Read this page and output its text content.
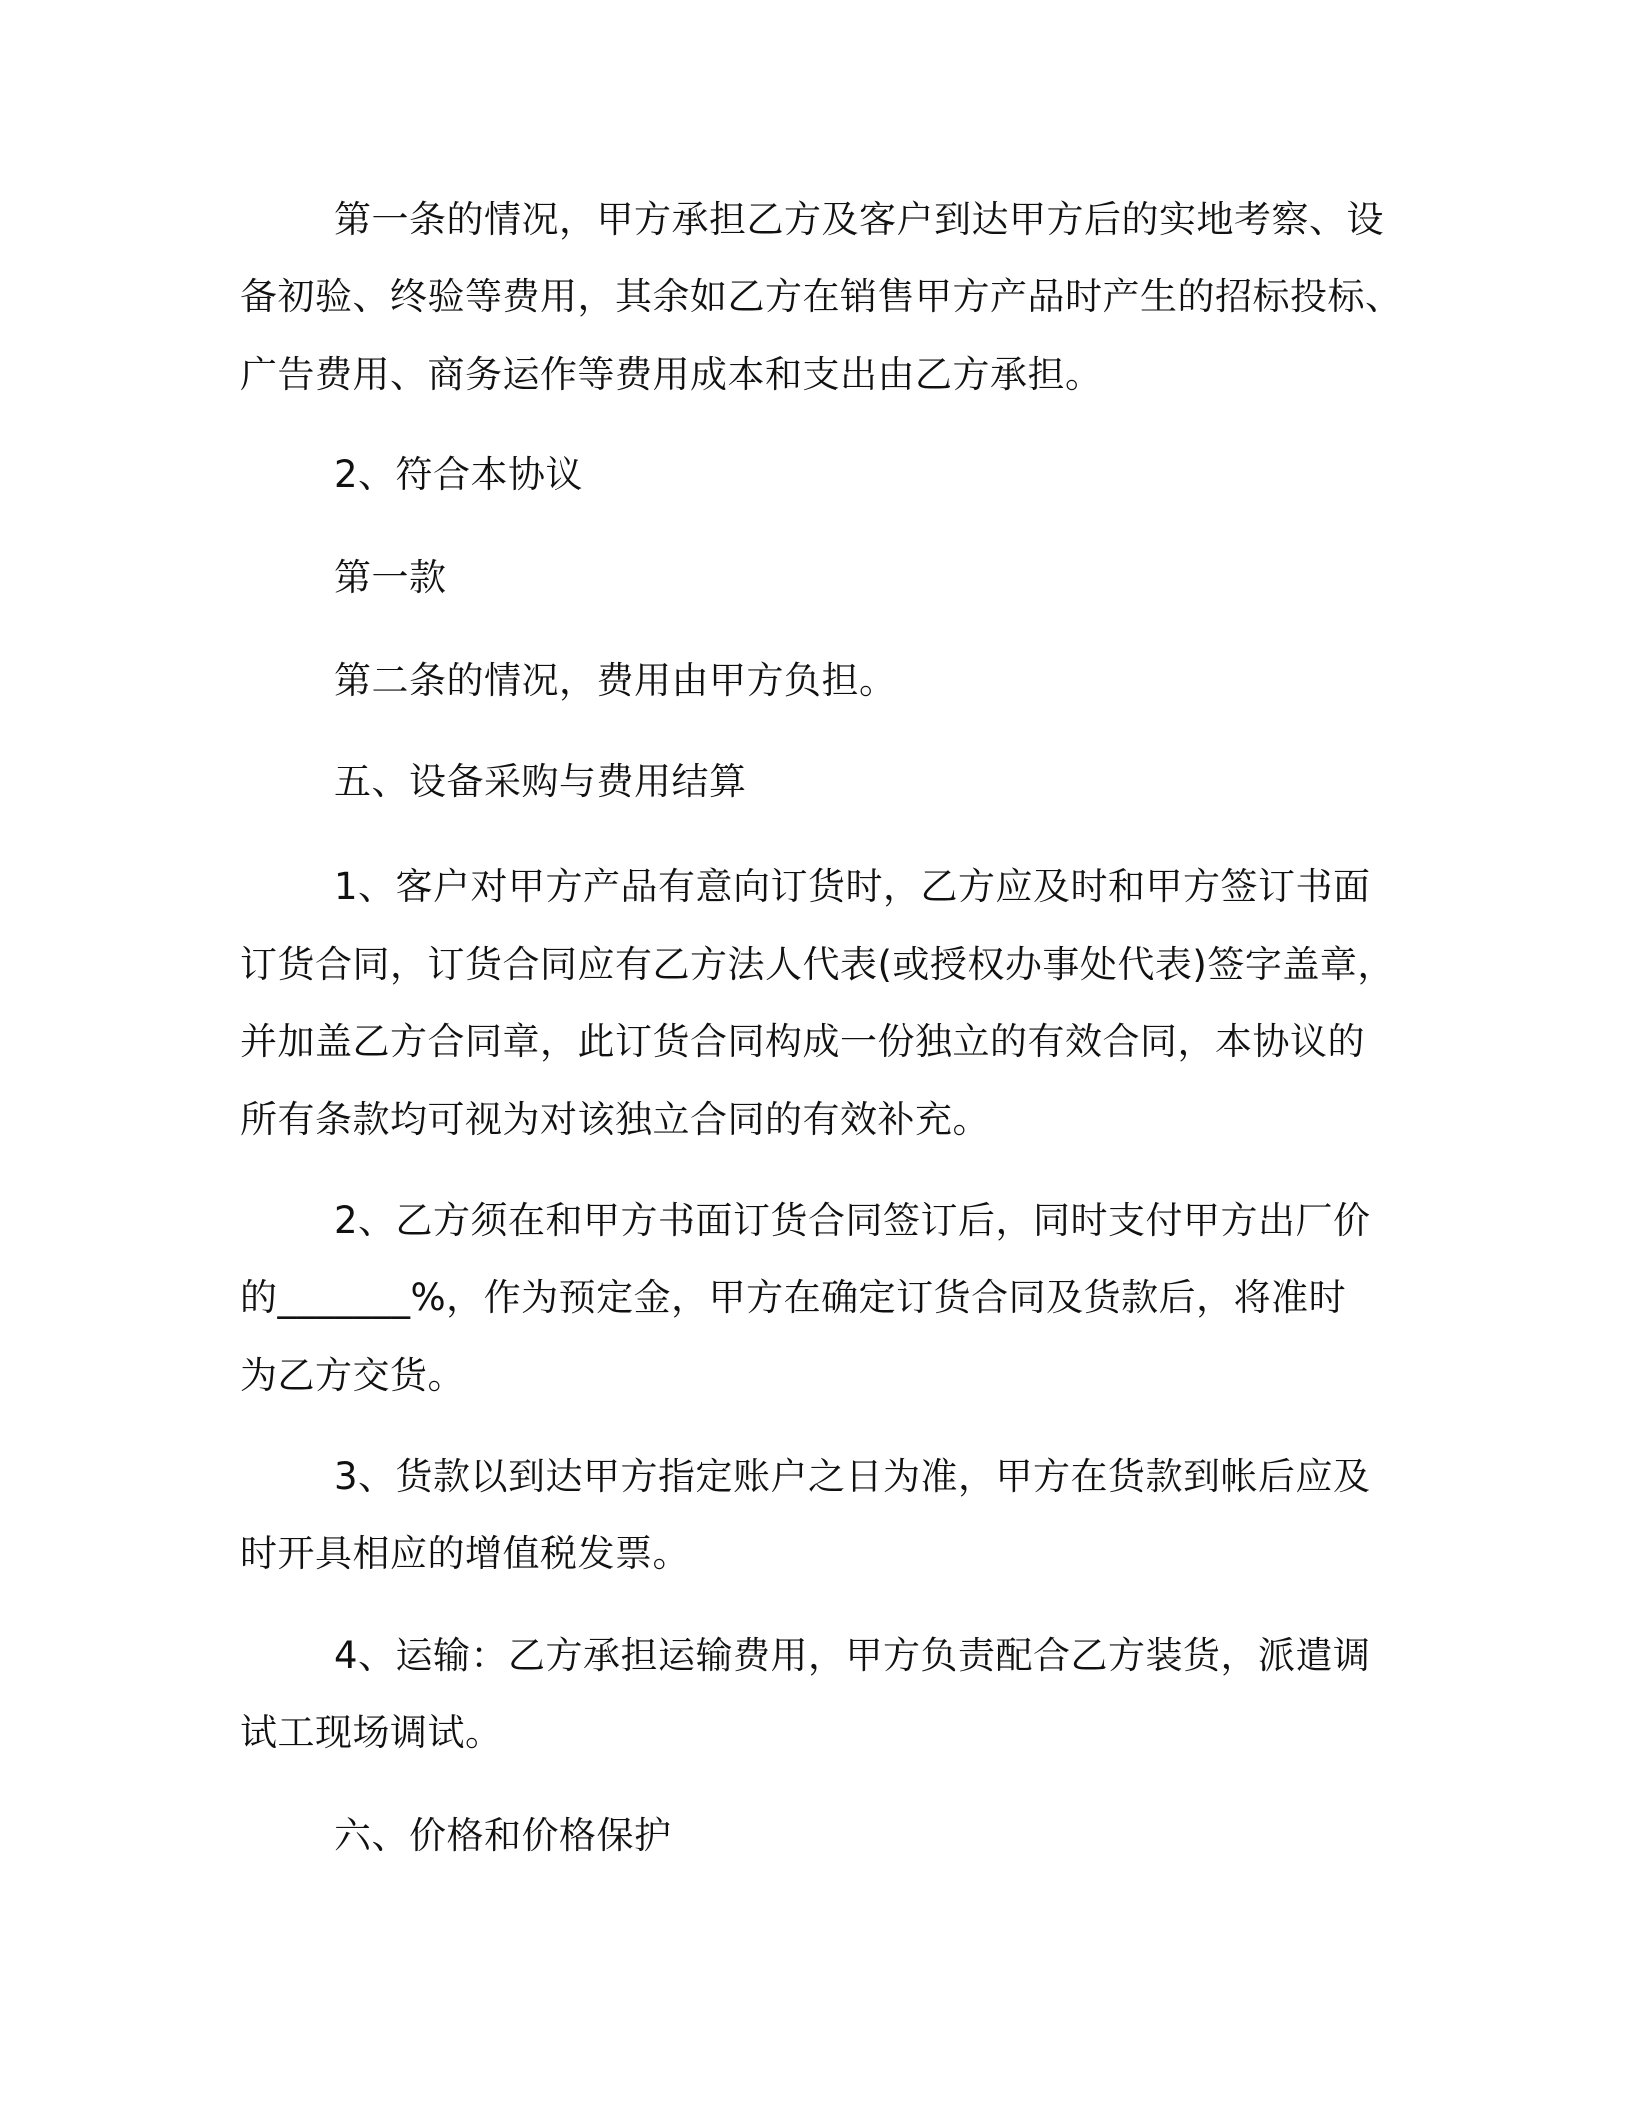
第一条的情况，甲方承担乙方及客户到达甲方后的实地考察、设
备初验、终验等费用，其余如乙方在销售甲方产品时产生的招标投标、
广告费用、商务运作等费用成本和支出由乙方承担。
2、符合本协议
第一款
第二条的情况，费用由甲方负担。
五、设备采购与费用结算
1、客户对甲方产品有意向订货时，乙方应及时和甲方签订书面
订货合同，订货合同应有乙方法人代表(或授权办事处代表)签字盖章，
并加盖乙方合同章，此订货合同构成一份独立的有效合同，本协议的
所有条款均可视为对该独立合同的有效补充。
2、乙方须在和甲方书面订货合同签订后，同时支付甲方出厂价
的_______%，作为预定金，甲方在确定订货合同及货款后，将准时
为乙方交货。
3、货款以到达甲方指定账户之日为准，甲方在货款到帐后应及
时开具相应的增值税发票。
4、运输：乙方承担运输费用，甲方负责配合乙方装货，派遣调
试工现场调试。
六、价格和价格保护
